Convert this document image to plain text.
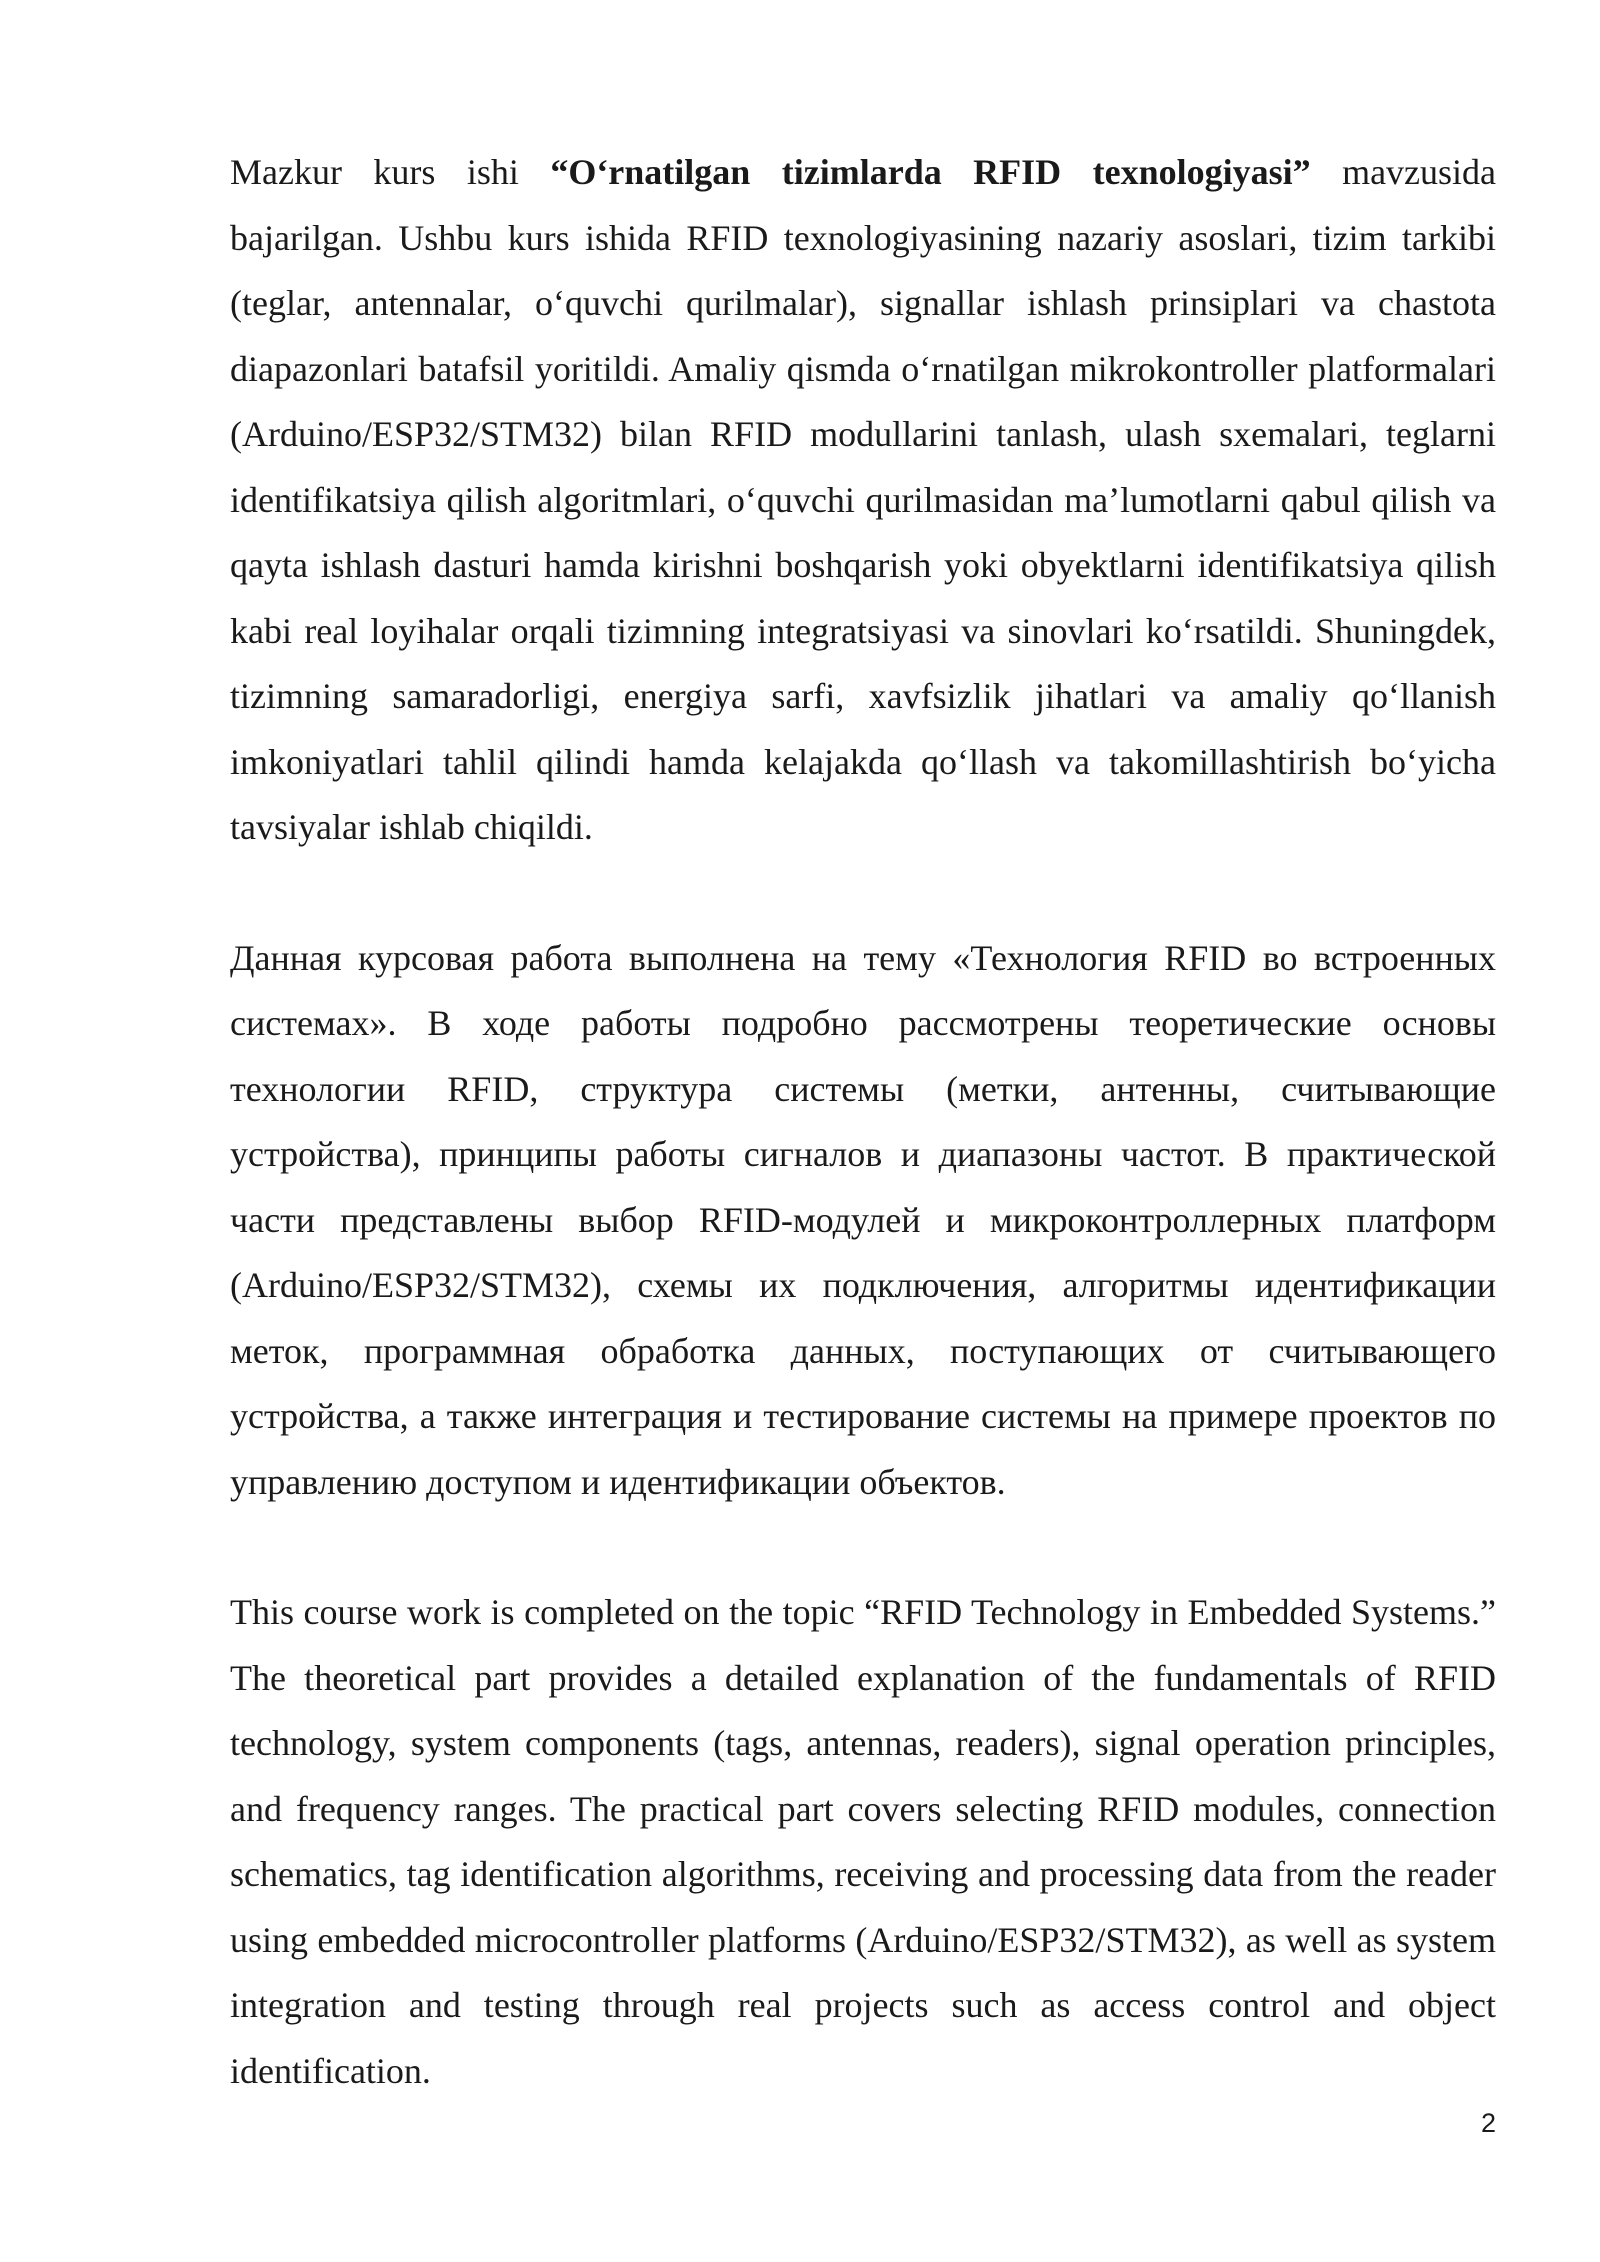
Mazkur kurs ishi “O‘rnatilgan tizimlarda RFID texnologiyasi” mavzusida bajarilgan. Ushbu kurs ishida RFID texnologiyasining nazariy asoslari, tizim tarkibi (teglar, antennalar, o‘quvchi qurilmalar), signallar ishlash prinsiplari va chastota diapazonlari batafsil yoritildi. Amaliy qismda o‘rnatilgan mikrokontroller platformalari (Arduino/ESP32/STM32) bilan RFID modullarini tanlash, ulash sxemalari, teglarni identifikatsiya qilish algoritmlari, o‘quvchi qurilmasidan ma’lumotlarni qabul qilish va qayta ishlash dasturi hamda kirishni boshqarish yoki obyektlarni identifikatsiya qilish kabi real loyihalar orqali tizimning integratsiyasi va sinovlari ko‘rsatildi. Shuningdek, tizimning samaradorligi, energiya sarfi, xavfsizlik jihatlari va amaliy qo‘llanish imkoniyatlari tahlil qilindi hamda kelajakda qo‘llash va takomillashtirish bo‘yicha tavsiyalar ishlab chiqildi.

Данная курсовая работа выполнена на тему «Технология RFID во встроенных системах». В ходе работы подробно рассмотрены теоретические основы технологии RFID, структура системы (метки, антенны, считывающие устройства), принципы работы сигналов и диапазоны частот. В практической части представлены выбор RFID-модулей и микроконтроллерных платформ (Arduino/ESP32/STM32), схемы их подключения, алгоритмы идентификации меток, программная обработка данных, поступающих от считывающего устройства, а также интеграция и тестирование системы на примере проектов по управлению доступом и идентификации объектов.

This course work is completed on the topic “RFID Technology in Embedded Systems.” The theoretical part provides a detailed explanation of the fundamentals of RFID technology, system components (tags, antennas, readers), signal operation principles, and frequency ranges. The practical part covers selecting RFID modules, connection schematics, tag identification algorithms, receiving and processing data from the reader using embedded microcontroller platforms (Arduino/ESP32/STM32), as well as system integration and testing through real projects such as access control and object identification.

2
